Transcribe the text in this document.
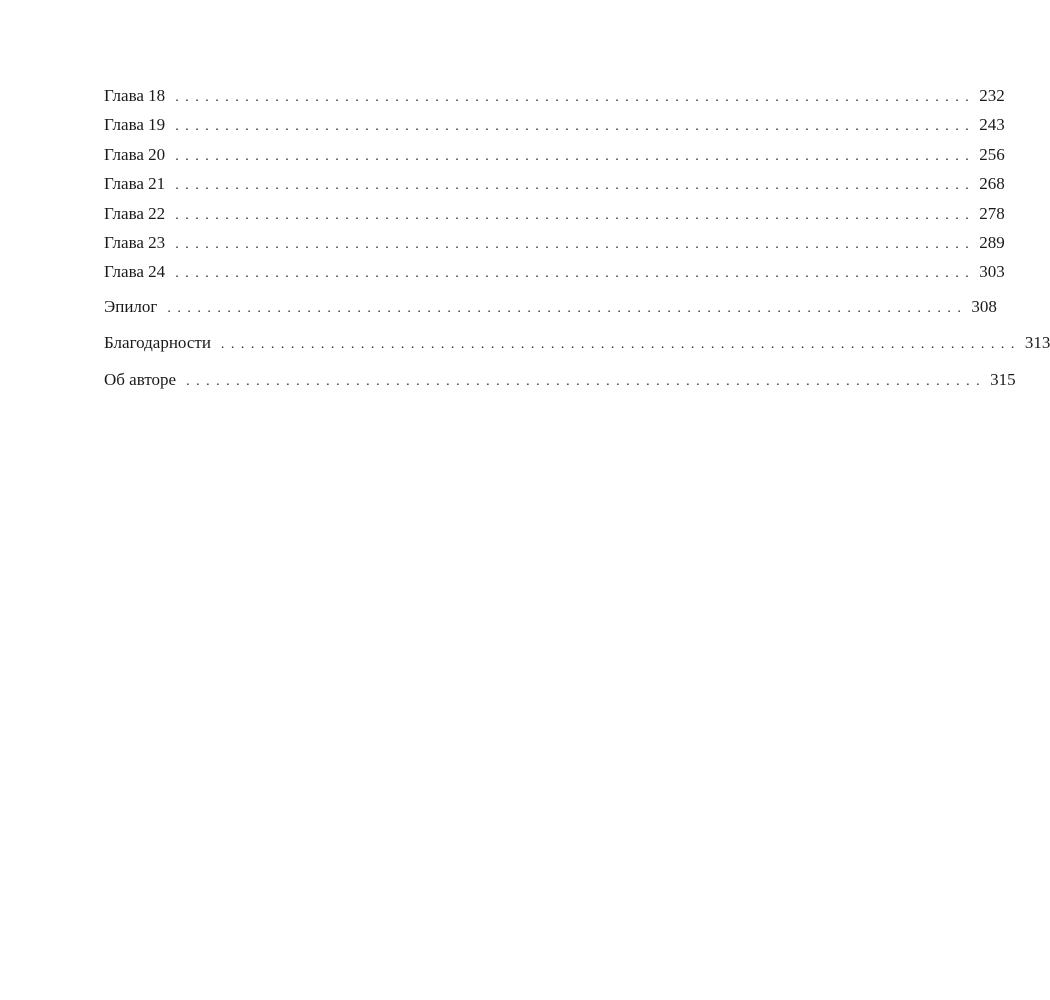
Глава 18 ................................................................................ 232
Глава 19 ................................................................................ 243
Глава 20 ................................................................................ 256
Глава 21 ................................................................................ 268
Глава 22 ................................................................................ 278
Глава 23 ................................................................................ 289
Глава 24 ................................................................................ 303
Эпилог ................................................................................ 308
Благодарности ................................................................................ 313
Об авторе ................................................................................ 315
